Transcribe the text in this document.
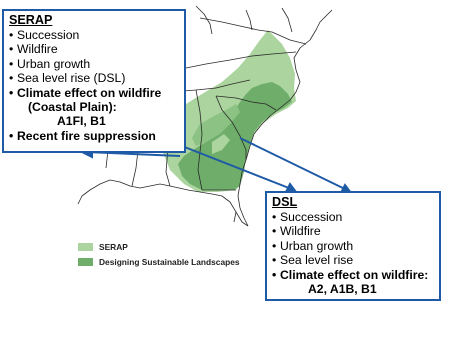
SERAP
• Succession
• Wildfire
• Urban growth
• Sea level rise (DSL)
• Climate effect on wildfire
(Coastal Plain):
A1FI, B1
• Recent fire suppression
DSL
• Succession
• Wildfire
• Urban growth
• Sea level rise
• Climate effect on wildfire:
A2, A1B, B1
SERAP
Designing Sustainable Landscapes
